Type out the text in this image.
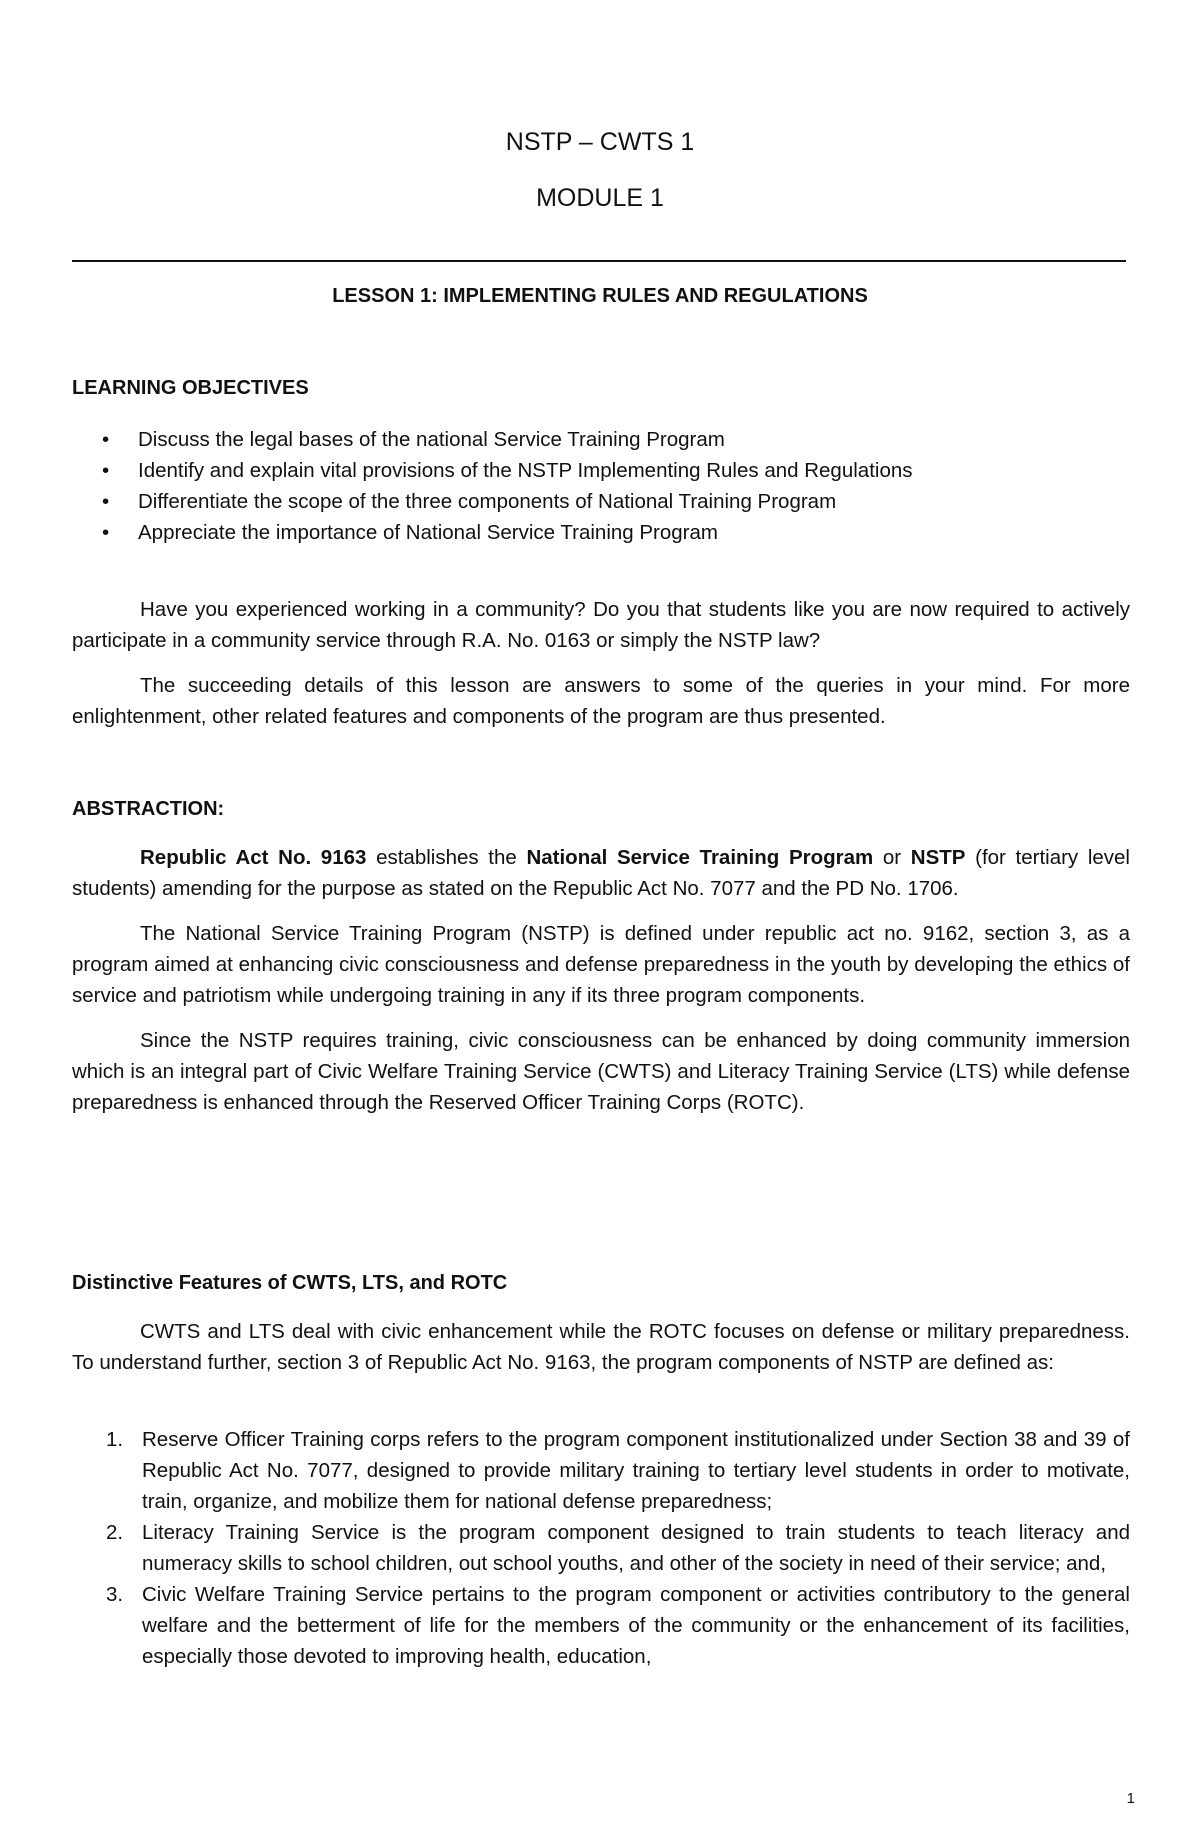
NSTP – CWTS 1
MODULE 1
LESSON 1: IMPLEMENTING RULES AND REGULATIONS
LEARNING OBJECTIVES
• Discuss the legal bases of the national Service Training Program
• Identify and explain vital provisions of the NSTP Implementing Rules and Regulations
• Differentiate the scope of the three components of National Training Program
• Appreciate the importance of National Service Training Program

Have you experienced working in a community? Do you that students like you are now required to actively participate in a community service through R.A. No. 0163 or simply the NSTP law?

The succeeding details of this lesson are answers to some of the queries in your mind. For more enlightenment, other related features and components of the program are thus presented.

ABSTRACTION:

Republic Act No. 9163 establishes the National Service Training Program or NSTP (for tertiary level students) amending for the purpose as stated on the Republic Act No. 7077 and the PD No. 1706.

The National Service Training Program (NSTP) is defined under republic act no. 9162, section 3, as a program aimed at enhancing civic consciousness and defense preparedness in the youth by developing the ethics of service and patriotism while undergoing training in any if its three program components.

Since the NSTP requires training, civic consciousness can be enhanced by doing community immersion which is an integral part of Civic Welfare Training Service (CWTS) and Literacy Training Service (LTS) while defense preparedness is enhanced through the Reserved Officer Training Corps (ROTC).

Distinctive Features of CWTS, LTS, and ROTC

CWTS and LTS deal with civic enhancement while the ROTC focuses on defense or military preparedness. To understand further, section 3 of Republic Act No. 9163, the program components of NSTP are defined as:

1. Reserve Officer Training corps refers to the program component institutionalized under Section 38 and 39 of Republic Act No. 7077, designed to provide military training to tertiary level students in order to motivate, train, organize, and mobilize them for national defense preparedness;
2. Literacy Training Service is the program component designed to train students to teach literacy and numeracy skills to school children, out school youths, and other of the society in need of their service; and,
3. Civic Welfare Training Service pertains to the program component or activities contributory to the general welfare and the betterment of life for the members of the community or the enhancement of its facilities, especially those devoted to improving health, education,
1
